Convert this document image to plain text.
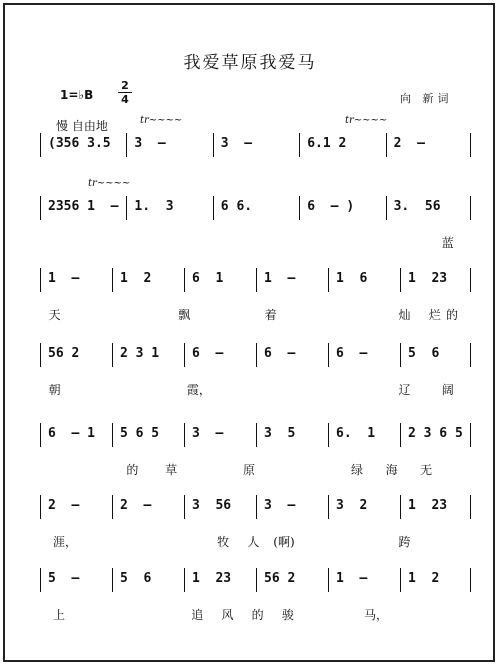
我爱草原我爱马
1=♭B
2
4	向 新词
慢 自由地	tr~~~~	tr~~~~
tr~~~~
(356 3.5	3  –	3  –	6.1 2	2  –
2356 1  –	1.  3	6 6.	6  – )	3.  56
蓝
1  –	1  2	6  1	1  –	1  6	1  23
天	飘	着	灿 烂 的
56 2	2 3 1	6  –	6  –	6  –	5  6
朝	霞，	辽	阔
6  – 1	5 6 5	3  –	3  5	6.  1	2 3 6 5
的 草	原	绿 海 无
2  –	2  –	3  56	3  –	3  2	1  23
涯，	牧 人 (啊)	跨
5  –	5  6	1  23	56 2	1  –	1  2
上	追 风 的 骏	马，
